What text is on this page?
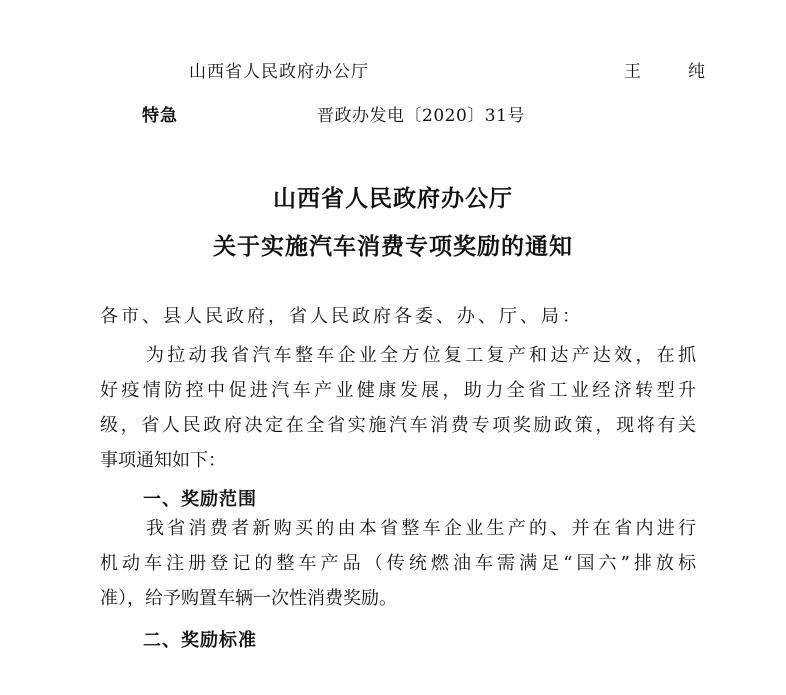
山西省人民政府办公厅	王　纯
特急	晋政办发电〔2020〕31号
山西省人民政府办公厅
关于实施汽车消费专项奖励的通知
各市、县人民政府，省人民政府各委、办、厅、局：
为拉动我省汽车整车企业全方位复工复产和达产达效，在抓
好疫情防控中促进汽车产业健康发展，助力全省工业经济转型升
级，省人民政府决定在全省实施汽车消费专项奖励政策，现将有关
事项通知如下：
一、奖励范围
我省消费者新购买的由本省整车企业生产的、并在省内进行
机动车注册登记的整车产品（传统燃油车需满足“国六”排放标
准），给予购置车辆一次性消费奖励。
二、奖励标准
